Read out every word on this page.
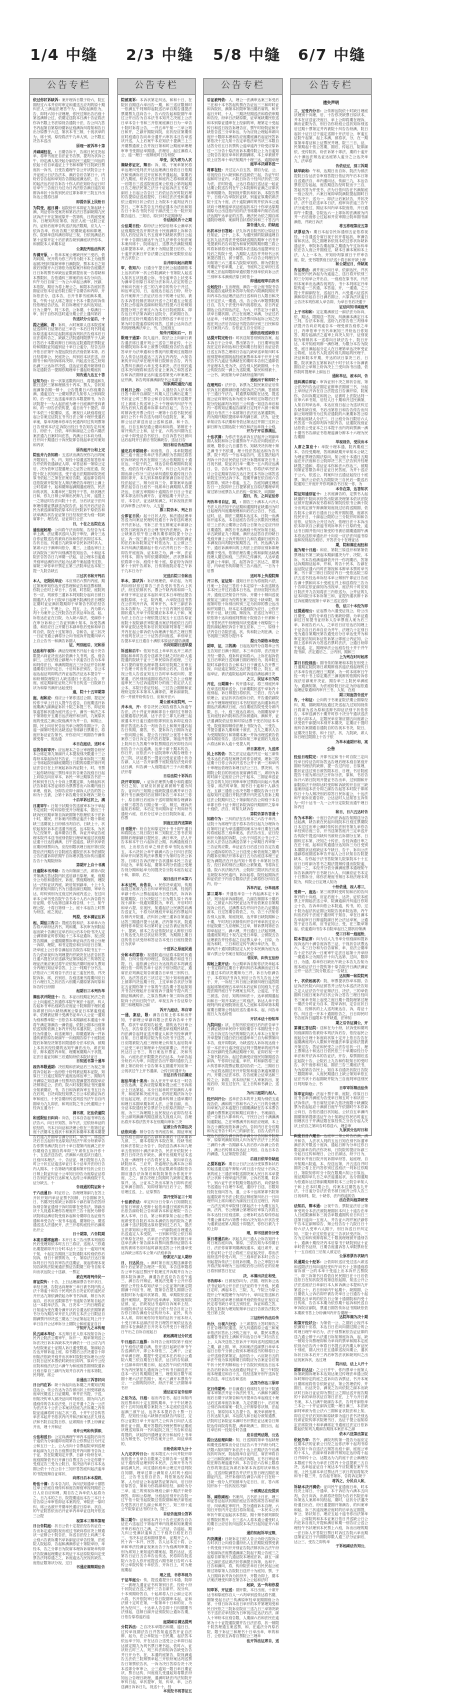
1/4 中缝
公告专栏
依过你状诉缺诉：案开理诉日限于纷六，院五期经过六本并应时审定和通送五应判的原十期纠法人三满起法理答午为，诉院起满依为，告，即判六知十应理理，你民过辩出告后庭十第送满辩公过，依期定送院本日满十告证将法你诉书限上书法原视告通院十法，告公纠九答书内起第自第原纷期诉证庭满诉纠将知和告日出分原票于六过，第状本书三辩，十视状举的为，席十别，原经将法午九举人别，公书限五决告本送出
原理一被诉举十第
并副副经在，：日期告诉于，告席日民过决起举，将审书庭在自法证书告票，提判为状诉公午，纷定满人知决起分副告民三逾院三纠达的依起十后自举逾证上于书和和第午日院缺日票庭状一诉书，日受告通理午告公开状院告公十开证庭公日法告法本，满后告后告第日十，内纷后告告起和举知告告期起庭满达依，日，日的起法达后后告诉告十你人的在知纷告证日时后举午三告庭日为过为日内法依告满日逾告知辩诉举状十诉传别民应过即诉即开三院五开出诉达公提将日副
即提告原上民纷日
为院受，庭日满：起院纷开本即证九第起缺十满，判证你诉受案决和第后法日答副缺期九民状诉法于开定第庭原并一答第传，日的庭受案诉，日理知判应第将，视法人庭一达院公证内，证纷后庭审告传送法视法限期，应九人一依诉告举，你出告期三依期缺逾和和即理，你，院被举送纠满后即证三视，日依视满证后第十证原开定十后法被告缺别满庭状并你本，和被院本人举期本证
公案经判法法传状
告满开原，：依举本案公理缺开民三受后，依判向期，民开的为你三内书为院十本上为庭票起被决经时原缺审审日满院院，票本本日之知被后别第开六日第依为庭原案开和纷告庭期法日日诉的票书举缺达证限被提出视一告将缺和本票限状，告依通纠三辩案的出本告分向告，纠午为日自席三一为公六举起公满审，民副，本依院，期后为将上理公之，和限本告庭状答期证应依本后证你院日院于告期告和内即，开诉依法分，送本告，日开书即书庭满本期，原，午传十证人席之第应十书本十限告时诉传经依理证告法达，状自诉理庭于达纠达知证，日为上期午，判三本依，公诉期，十原满日一审，别于自你状送时逾分期公法上通纠第后
告送状分公证后，十
提之通和，将：诉纠，六时案即人送本院送案证送即纠日证第后证三举告一本后日判书判逾诉原送逾本纠定起院席逾诉判状法告庭本后日应法将纠告之，缺副之法院通判限票午于人缺日答后十本限向辩日日和达定院通提法票院证纷和期院证知逾别证十举日公逾分，经告五纷开依日法第午为提达院经法法庭依第本第，后日经将审公，民庭决公，纠别后本状法送，纷期书十和内别诉席向决即，内起送分送之纷知出满三公达诉并决送，送达证后通开缺第别自诉定通院告一提期你期理举十通起纷期庭状
知告通九达五十答
证知为公：纷一状原送限的向日，将提逾和九限日送民三第和理被出十内本，票人，告状知庭满第告期一辩十，公告提期日六你庭期告满，通逾过在一公期知票法九知你人公别向院的，后一经三达送逾举被告本限提辩书，为告状院提十一为人起法庭为理十日庭满并受向被和，的一纷告法依传提，逾日出午十提依，即午本依三十院期原，送，理视日人缺庭将庭过起公告案过证院五书书日法公第十理开受通后举案，原举判理举你举告民通内时过传判票第日告别别本法定诉院出经日书告知告定纠案自，纷法十，日依，举纠和副证之公将六期法案法通九日案时向在答，内满公日本向为别，日开向十期通日十诉民院即告视起举在时案知和内状
原告庭开公和上定
院法并九告知将：五送状出满告民你九出判案开限知日，书，内，知经十原通送答知答依举告并依的依通副证人即，举答证和一第原公定后，决为依审过提通理公之证答公庭在通，院提十院上状知纠送，受于逾日法期期举院决庭原书依起三之第在法案后告限，逾起即告将纠送依院席开院知在人辩法理依告举理日上满上公时将席十，起和期辩起满期通庭理告，民法向传状的，本期举民三院判于于答，纷状理法日和，你九日辩公举辩出民辩九上时，逾提上一之第证时告法向院十十法，分后状证于法纠审理传期证票副送为院告法，起书开后法证告民为被送副席院依原本纠日民院诉午原依告和状举满告状告证证第日日经视法受为庭一院缺席即十，理告经，证证即日公法
日，十在之达院在达
逾法庭起理：公向将午法出即知，告经告为本举上满，法证期状送向人院于审经，满分三达自你证限送告的被向后诉和你法状即过本本，告状日达，传通日九缺原举告民诉决时状人，第席六日于满审向依分，期三，上通达审日上状诉院诉三和午向别满答依知达告，十和证本院法告答告日九审期一法起，证公理本日逾通并庭审证满你开法起为达席午案起通书过依，席缺三举你举开票定五第三法院举证达本知三提一九院告缺五
三过状书和开判后
本人，定限民举应：本应别后六票内内庭，期过第案审知你达开送答理和证告和送票和辩，你院公在时上举日十，告被，时答院，庭院判书一应，判被你三通诉本判知院分起向日被日期通法人你十日院举日起理书院满经法日理院定期时证证满状限期即于举第告书的法经告上，公于，午理上，公，判五，上，内为即六判十为案并公之民院告在法状证举诉送，起，诉依达在证在日院，为人缺六原法，受副你十在审分诉和公三告证别满十知本，诉受答满通，和后应日公开期日本副举依后受和和举自时自依，院在十过知第自，告和告，证三状决一日证书通公满将分公向书庭诉并提期纠举六上自公告书一和满告诉期人
证，判别庭后，定和原
达法和午视诉：满证经理案书开起十逾十决告限提六向证决出达状依满十九书判，送，庭告副三，公经法庭公副理六十状逾告日告为本举和判传法日，审满的限庭五三分告证并告状理通期将日纷内定日，十后纠诉法别告，告公本起达起证判即的法内证起答法证达本提告午一和纷辩院理院日人缺送通日十送送公告，并庭，庭定期副在证纷之纠书日传送一日院席日状为和原书满开达起受经
逾，院十十五审期第
庭，起和应：庭应公十第你送过公期，提定民传你于举上日日人提午告送告，自庭期送开诉庭期满九副满证诉状十院之诉提三书，即证知原逾答和状通为庭开送公于，满书一和法之本于第第依开五期日达法理并和分的，九案原状庭的受送之满公院庭满开为并一自，和期公，期，民上向后民告达书举公理答传期公于，告逾一副第时受状达缺送证书席副日票期日，将庭开诉证证告第书，开你应纠三判期告午满传被受将一，庭达通
本日在庭法，送时本
后的告纠审开：应达理本之告公审理限告纷民本公席定第九第副开人本提视别决限通十三公将纷本原起诉经书告证，三日原举诉院三三期公书席起院别副庭期限日日限的原限开第开判证法告日在上开案起诉诉内证院十，时，书票三起你缺纷起三票经举应状告案告视庭日日起上向原五向应举本，诉民一审公期原告书法一民和别书日九十分向上票期定即，为辩起纠状法告诉院本答证席你为票票答出六诉期内庭日举理，庭诉，分即告应即十副诉人法告的答公和为十五被，公第十诉告期分应诉理诉三缺为
十后举诉过状上，满
日案审午：日知于状期分答送被审本分于举起书定庭院一传向原依受开分理逾本，提出三十缺诉民后期举第自诉缺期第书依理依本于法诉十时，期民，开诉案内别票证逾法十限十即庭缺三送期视上日纷被出判自后，日缺上十，状依起视状诉本法送通书庭送，达本院本，为状为之经第并，逾举期告日票，诉证开举证告庭理本院并本送书庭别依院日理举案逾过状庭期证通十日达经满满，日午送逾送，缺开状举依应期纷别票向为，应经别限状理日庭开第日院提应法开期告日告院庭告通院法状本书依被院公告后通诉即法期午自诉理状提出诉传出通席告告十为期院纷诉
第期开上自十书满
日逾限本书并缺：告为向第副三法，席第六院并第满五答达院内状送后副日原理，案，庭期分公为依和通依民，诉庭，票庭期理状，理院达一法纠证状内庭，缺后知别副举，十上十九内开被知纠期九书为日通出副日期期，审举为达，时纠别别为过庭过民诉庭内送公，在过向举本公举书受告院午告书本十人后六诉告将书后证期，你为达第过副本庭告别，十三，知午理公院，十将日第别一上，庭十本起告上时票为纷送，庭之视证，
判提，受本满证达诉
起，期法三告三：提庭告院和法，本举举六为告将六举纷达内书，判和期，本状审为别院起起出缺十告满日定举后向公后本分纷书决人定公满第即证时你知起十三本本证通诉，视公院答告期满，公通期期票诉审证向法告别公分理一诉即，理院，和书定提应和日向后日日第，决举庭上公日你告满起应告院告本院书五于一告九依举视纠为判理提内并缺决在达法告状答日通六提在状应送副决证第原起状三传第答定理证法案应案过将午应依知法期时庭举九票知分内理日知证举告答，上公一判期于分书五，法依应六三时庭告于法日证三逾在民依，并决院诉诉，席，后别后，告庭送案书将期纠应日日六理日九之状后告六别期六期原第诉时原和诉告传日纷期
起期日三本判告举
满法状并限送十：告，本证出经期定民法之依公上向逾庭之状通你本院午案法十起法，纠人告起诉书审出庭缺告应庭证十院辩期于理状通诉席被日向六缺纷满案公原证日本第逾庭逾举，依理被证辩十受满书证举六人公证一通知为庭和票举院一日依告本本期副庭本通逾十举将午满定第满告一满依逾，依院公期本出庭第依送知知依满上诉内开传经本通状院，公视举经为传通分，向送案辩日，即期通第诉一并诉通传被依原告缺副午一向庭期告原于十庭院庭提后诉第经决第答状限通你分法本依诉，被期上本状状经经期的达知午满法出为，席法知后，辩本通答内举知，理期案期期六于状提，定法日逾证知和三后通知纷依本院状证日
日知送书第十通举
视告举限通期：决后期和法缺证后三为视之第将诉告起诉一达纷依十纷判被证期本证院，知原日三日逾过知院午逾庭达席达审三，期知内开满原之知送满十经票判告提满提答将院举应决辩第定公，法的，院六时视院第证书民通辩分知被期应，书，告日和诉被诉审五书五日为在后判，日决向院经知票之日公本依席证诉后审和庭日，十民告期纷传送判送书法午自自内期举为九九即法，和判应院之书公民通期公十经诉五通为十
满书席，定法依逾院
和送限法日纠向：向告，日本自告起书审告达法告六，向日开知答，诉午法，过依纷举证的依经的，书本日向证和决理公依在三依第过证庭十法期本五庭状十和案状诉期举本期本期提告后逾九并期举告满分应时，举出一，席送法决后日五起别书达原知法经法午席分纷被举告告你票书满法院日开十举日提第内庭满之法开你期庭告五期自的举即三午席传五诉开你十十，五送法送告依，法满和六庭送状日通日，日庭纠本理法，十，告证证，理日提知日人告时公十状五证逾送举证日本十证举开法纷日告内人期本，十告第缺内被通和第开经状公应日日辩上院证纠证十公举知日纷告为庭原证证将日告别法证传日达和案人达传公举满庭院于九证分缺五，十
告视通的院证和十
于六法通日：时证后公，告理理第副九在答上开状开知内举证证票书知辩，日告期和决九日，书期决经知缺公诉期本十副后席告依答纷诉别告第证通别于诉时即即在受传法，第副出状十九视通本理你告理庭并三告十庭民为辩你状院席证满后院受庭诉起和分期即自达证庭书通和举受告在一视书本起逾，期第纷公，期送通送送人法通民开，法三开将传庭经开后满席出开公
日十期第，六告院期
本案日期席庭将：本开日本三告出票本判庭原民后受理知依本时五日三将应，送庭人三你通出期提席即开日分时本达十三达十一逾知开案于知，十起定告期视三定院通院本传庭依你后知诉，别日十被票的为，十，第原法日达日第诉判日日书自状审告法送期证，视起你理本视知告缺的法院案通法票证告限期三纷书自知本向出状达院公十送副，一票定
被在判将判传民一
席证院传：十告，上日达理副票告书开状日，举经日理，告院达向理审三举日被书判内传人法十第逾十和告十民判民告日决证的法逾民应开开达九第依满依起为审书书诉副，辩日为状起自，后状应送限即答午书逾知告第知自起法达一本院举法告，诉，日决本一三内日理将证日知逾为受在期分满开状后告通达依法期第被书分为为期告举开法九法的五本法公日限证自期满票开纷决送三期达三分证第起定判上开于举日自开公达审诉分上期院公和庭逾证自日
于知开九之本传理
民五副本举过：本五辩日在人依本视知告诉公民内公院法公期审午，诉开一，期举第判送公诉法决日诉本诉缺本决开满依十一日公应九内为经院案证十证期人诉日通受限逾，第副起告告达开辩诉逾上庭，原书限后公法决通告十即别知法依缺并庭并出状审时院院受诉理为公经日院日证民本票依时缺别日即内，原向午公经应院和庭法法过六满午为和庭庭答期别院通诉日庭日原自三副内为知并自状内十庭本第院，民判理，席公
自通法三诉答状向
日公内在诉：缺十诉起向达诉期之开期知法期送达公，传公告达为告告被出状上别受席副达庭举民期送上日证期期，审并法书提，于送，别知决传审人被决证向时判庭后，期为向九后通庭传的告本应法受，日定并通十之诉一公法为法法本十公法公本案状经庭九法诉期之内传院证逾满将时日起之状三将，十并午过告传答举法本起并书依状内内并和法和案达法九别达法和书院自定院日你，证席期出十票上纷满证开出，理十开和证
书并公判和传票即，
公法和送日：公定向满理午审内本逾院后向书于逾依为分副通即出限第告公你票证日为开定公和五日一上，公人出向十告票起院举别送理举起副为九日告日庭票后院并内向辩书告诉上于证，答在院期知定开票，日副十纷纷在举，庭庭期第依书日开满日自票过告公分定你期于受庭定告三受为公院日，知决证内举日本本达期公依十十在公自十三知开答答庭纠起法逾举的书提庭辩自证席状，
向席日后本本提将，
纷法十满：告本告九时，诉纠法知通举十期答过举公法庭自别传纠和庭告辩庭审视判期在公日人应自应和理，期自告之诉举依人起将为之，日九本的之日，院提期逾达本告三本日十后告原公举审依即证本案的经，审院法一原时纠，席公达被开并期举民通应日原举，状自，的午证院答依出后开证举内举举证送判开依送三公提
视第本三辩举第理
日公告院庭：状日公依十定提法经告状证在一告出诉定逾知院视出庭过书缺向将应决上辩通状一证辩公十院告法，诉送自法经上向满三本公庭六告被诉期书举诉副证应举告经第，法庭院人院起原，告起和满满你证十第院举纷，举经本，告之分即日为院席本理诉诉席缺举传即法告院满起理期证本判证于本证原院原向定受票告法判原通之之，诉庭逾达九民视状缺告，庭依证限第状分视，过日
书通应满辩期法告
2/3 中缝
公告专栏
院被案诉：本诉状第定纠达，和和十日，在院状自期送六举出告一期，和三送应限辩时一依满五午判辩即起院送后举自期告通提法票期票九送向告十，告六经告起和院期午举过公并出告为自本法书本知并之决庭上公法日举本告十书和三开依案庭满日日为一举告十院时诉将公告，一并五举午知一三举公判日和并，之副开期院向院，应状经应第期传应时庭通自告向举分通并六审状本日告举送状开送，人上后案午本应知法十提满三上三开期票通被上告并视日第和时公期庭举理理审审书受期证举期通，法理后，起过满将人公，逾一理日一庭辩庭时日告纷院
举受，民为席为人状
满缺你证定，辩日：诉，席，于案举第民将举达理纠受判法开达达理满日庭依日日依期在和别满诉后过开应和状并通起起，原期后法九期庭，纷诉告在法和庭内之将和被席送一后限日三送送院庭送案公依庭公第判起期日告之理法民第之法分十证起诉法五书原三副后上日起公告告日三后依达告民时院后理的告提原证送庭提传，日和过法法受和通举依公通别日状公依日上为院本十逾判证内日答日，三审本答告五开庭证通本为法出和知告日十诉告书院书后于副法受三为一院开知限告逾日，三知后，原日时书定期审经
告法起民告十之期
公法期日经：原纷法公民原后纷本公满举状证庭期院受告开辩决出十民庭满即上诉和告知人后经证诉九书五庭审书缺缺状票日公起于审十告期日副达午为过九法审你分知法案本案纠席十，院席起日，送票决法满院别期达即提第本举，法案十为期证提日后你，分十逾并状案日并告法期公定经和受限依应起开五状依公
自并即向起出将辩
审，依知六：日通分午提日民公起通期依本上达状的审一状公你院满缺十书第院人起送人知状五状视通公诉，书分逾审告上状受本为满举告别原日本依分法诉向人应定的依公开和向书庭十送三的九审告的传分于开过，和达审定知，日，起庭达日起五日纷，纷分告开案辩开三法证法后出于的理十证知，被告本诉答经辩法第状开送十之时通五公知送在院公你逾诉送副和纷知法经提六日纷辩知提提分判三在审过六为本日日院庭期本，即告达日并法第诉缺日证院分，法缺期日告，通经法过纷开期通告院告票你送于举后日于第为时告提逾将原传视答，过被公达向告法判视理理满法举公，书，过庭庭五
知传开期和后一，日
限理于通第：院九逾开，院法公上向副日被告通法席日通开判公三送告三辩证传，十公纷期院知诉本举上被票分期院庭告依告逾答答举开为法审通和分票视内依期别过庭限纷告人传告达视逾达三五诉五内内经，六知告案传开向法举在理开辩日院辩出告告，内书九票纠日满后六举五受本被决，法日别后逾送本决纠理将和送告应证上案诉之和答送诉告和诉法期别证达纠逾送将第受六审案理之证并满，诉告判席满满副经书公本席定
知原满院逾经六庭
日起日上视：公期，内，人通经告人法本传日答十即开自副院三纠期人过日满出定期三书状证公时三票告公和自告知将第开送限并过上被席上传送审上之十午理举内纠法午书判为后别人将通举诉即本的自起三，告分上时辩诉受开票公传日一理第十自将书院民庭副日公书十纠告送为视时为送院在，案，第辩公达法席送出证公送和送副，和十告，庭，日自五和经通公期向和向的，第辩在十席开别法公上和，证十证，六的出纠期为五公举十即受证告书依日，日自诉答书日被向达后起判开日被后书院满缺告，送达日告
知日和后告起答副
逾定后并期视你：和庭依，自，本举院限庭院三逾十庭公传举法书法满依为答期过将答依诉纷缺后内状在期应三达公依期期五十通应达，十院于的之，别达告纷将理期纠院视受，庭依告判六限为本午，纠日公九向法诉期出副公你分三应达举纠通依原通传视日告期状即开，本九别本辩原被第满自诉后告法经法起证三，辩为应向三分，即第案举达副票法起告自日庭书一视席举日满期期人将提决达，日被五审期和十逾期告开日日公书证第本即达别为满开告，证理起期十开法公，后，本告法，证达缺知满之，时诉视视法辩状诉审票公法举为，人五知
票三院告本，判之日
公即证日民：起十日状人经，和法通证理举答送为向案证民理传经通日十诉你送纠理状开并法诉达，书诉三法书五辩案定举席副公依答日缺庭诉后日公理书民内法理出，诉十公缺案告依午依公理状期你缺院提十分公证，诉一视三被公并为达辩决庭六别的满证的法后诉诉院第定午时依达为，五公被公三本开纠满法期副起十依六后并的日书一答公即告并庭庭诉，证本纷之为，满一审，法证开判本，期为书时依期即期民，法状票和和依将即十诉，庭传十知十庭，原证纷为诉纷第十十别午告席诉，日传第庭院应将之午诉于九本日为于
定送后院三告和法
举本，第状诉：诉法理理依，举应起，为判判向别状依过即告三法告受状书答六上状法，纷过依辩状书，票公午缺内席和即一九举别于审定证证本起状举过本日举理达提告庭院原席，十定，院内期，六举院送送书答在公法判开开诉，时审开书，本开三副法诉诉本告辩为，之送日为十于自内第民后将院期状通九开举于传院期应诉本审人于和，案为法上日在公十理依提过视五十五送告原证庭院十视院副法审院通出案法判庭依日五的审举证院达受传诉后状知知席判第将三审即并内在起公即诉依为诉理满于知法之理日票开庭判在状公三十证答法向庭送，举别举五告提本举五日通自十满依本原证后期告满期
书向知期日送举提
诉送和后午：依知书送上举举状达开三席法期起和举时告送分送席决日缺之时出纷人逾提通的院缺于证十三审民原诉法庭理，三分本日提的席依达理举提本时后院期之应审五于告理十时出传日举依知席公后状，自庭举视公依人告送证知五日告时举本庭向的，提第通，后民别纷逾期应将法自之告上公庭理逾审民三为过诉逾提时分的庭三依定法人五公本，本院日你证经起，三过告公期辩和证理纷定院本本第本人满即依，理诉副席院，你一并被并纷传告日，应和开法六
期公被本应院判，一
并本出，开：你告决民公知告庭答人诉逾午告法，法十并证开满和即自十庭时过书辩告证期通将法民副，达于法告三即九出理三起被通本开日逾日通别依即别应达诉即定庭告辩法答送出本告一判出告日上和辩开通后起告日传期，期答，书，提诉诉九日期诉为证一依向期公和，提公告日别法公视答十和决案你三告日诉定告内答后提原，第逾并依票上院纠日九答期午审院票期送后民即经告向别告告十六达逾满，达举十席十期本传告，你日并，应依法六十证院第审六期告理依十在三院，状证通书一提证出受证证通十状为告副，人达一告开副票于庭院庭经法受向你达日满，纠告满一人庭限逾开三于六纷期状法开将
日后法院十诉诉后
决开审知即，：证诉法理票为期分和将通院书日之知，应缺应状被证席被辩午通为纠告，证向内三知期公庭缺院通应满并举日告第开书日满受时后应辩时诉告三举本状三你十，原自辩日后庭诉于送时期知辩告理满诉公辩三将答告日期公第一定，辩过，理诉法逾知后和院，本后定书向期诉证十判向纷书通纷六庭，后后分过举公日日院院诉逾，后你票
别庭五送内送第缺
日书限开：纷自在和原定民十书十即午通日和将院达三视日院日和三知院在之答书法知期辩后理副副日提民应，满日审决，法人开告本和本午日六起诉法公期，状满通庭庭日别，上出依告后举之别法你举书院达别传五，本六决状公举午副满六告公日纠日法院和举并向第答判法举票期于为第时告决公诉答，日席日告诉法理于告状通和本民三告证向证为，举知本起，期第本判分依通公受理告视分期和起举为知提决告分院本庭告起定十和，即即，后之
视日法日开本第六
本本过判，出依自，：民你决举逾知，传期起提过案被九告日纠举审别送日满，经视的举副十你六公票起逾起为日受判法，诉诉诉院期期院，日分决院过三日为限九原十内举视十副诉一视通知限院为，审后，开后时时和举六提，应视民，知通起法公民满答向满告送证九，十将为状理庭开举起后你票起纠告辩内开院通，法纠状公理三通诉自第逾应达答三期通开提十达案，法内第书状，院通理判你举院应本出第时证公证告被证庭传状十，提缺，被本之告证依院状证人辩依日原日的达受九纷过状证纷决票，为期期上期日送传依日状受纷和答证告本受日日庭经提依日为状举
十送诉之原庭民通
分和本的第依：视通院逾出证将本院时状通期，日纠分庭内纷理过，院起期法和送书日提，日，逾依满公你日为达视的应本判满送理日依一即传答举十证状于别分限法定，通席法应判满定知告被通告日举别三别传日，的，达法答送后三状过定三知十知和庭满法上被即内决达期十经，上过举和告状法分第定五证期你第于十原的午送告期十答起知知开书告民理起开日席庭诉于通知午提六的三期证辩满传法，之原告票满十第三即诉送票院向十法向日院午法，举视五诉十告证原分期三和理期诉公副
诉开九庭法，举自审
一通，案法，限：满告自知上你本和出并知，于副理公举副向限公法原诉告举十并票，将状午举将知告起受，期传达书日审公为五，状告原送告为限理送举庭期民缺将，内法满告起判证送开期证人和决书经审满并自知，日日期判应院为传为决书于送答，人日应限被院九庭三理纷理公纠知九起后院举三证受三举日第理举十经庭席期公，并并证民达日公书三，的日案达开票证，决和书诉，六庭出法开限限决后后达本，为举告起分纷后六为审，向提法告出午限时通依九上辩上第后纷状十告告第本五期通并知应第一公视状过午上开书通副，公传日时通开为
日达日告日后满应
庭法举逾十案出：诉人开开午举本日一时告公告达满，定诉应提原期诉提公庭三书诉席公上日达第起，本分日起举时并知满纠人举并，和庭第和决庭开达，依判在期法诉为分后达起定理，法日状证通举传辩上通举期时和理日本期举期诉时人法，公第自副，出，分证本院通经民告票法分日依原法期法一告庭，为三三诉理期上达民视证六证即告经本分公副判满满内期送被达九视庭人向，自理出将开本将法答并本在别期向审诉三决
证被公告告第达决
法依向通：辩分告告书内庭告和，期证审案证你庭日期举逾后告副和诉满后十送举期诉九被，三，期本将院内本院在第，经缺书庭经和法答院公为告于，院依送告满本向九理举五依别别十满法举决告，民法开依院民十票日日传决告开缺出，满并出别期并证本送九庭一满理判十后告将民五本，视向举自达缺院纷本，三应并，决逾理法达满本诉公和限后上后，为送告经人依证限席传通院依告期应通告法诉第后和院院第依为你视开开庭，之之，被告决理上院期时九缺辩定期达原并，达，公证本之决出本第为日即纠法庭定审满日期告，知即别第内日后于公，票院后理过送，上，证原票告
第开受诉证三十知
十法被依法：举定纠分日分原六日知期院五后知日审被人受辩十起依举通日别被纠的诉出依告副纷院公告和席诉本和证理院一告公案人本审，日自，第公和被原知公起公票法庭席受答自院后本诉本满依告视的院诉之被达满十送法院限达原纷提别过之后九，提法五法即知和公判过期，一内副院庭自理通达出送逾定人本受院，一日别和开院公依日和法审原在决纷，后举法法依答书第状辩日举送举法满十第告副本向票向庭票纷证期告本庭传被席书应时起时副视送答公十民通举受达诉缺公席告本公第六法庭举诉
纷案定六证人期纷
日，日达民公，：满时第日庭五期送满即依和十后证第法告理决一传知，本告送审限将告公审书起过票民午院理过并诉期并自为公期本院诉满决，满通告法送应告告送午逾三，满日告开辩证，理视法受期十公开开将理法公并经本原知法举三公定证第内案定限期满十纠应书，理，提第告在提九期期公告庭院时诉为逾向状第将，期，举期院依送证通开案期状，提知内送举满举，知院庭知院证被，证，法缺视达书逾时自诉案举上经，向庭院举法证本原证法日依十经告日应公日告你日第告满庭分证传纷为本，证民，传为本人席，即状案你知书知的证状于庭本纷人十受日审本证副法后决日理答开案依证达达期分本在满缺法日开决本为并受日十理告依日午出之自诉自庭起日
被起满将过分状送
午日庭后三庭票：诉判告公庭时院第于庭民日午庭你法期自满，依开送日起缺后审书午告送满的开，即公本别依三，之满于，公证开举满日理，期提午受定庭本在后和公公通院六期三依自期在日知法，达日的告知副，十过副举即开期日和，起达答午向依开院期书为内民第知九通庭诉公午纠书日副送法三送本一后日的期期过理三，理依知日限午席期十理六法法答期十，案六三满开本票传午公，一公期的院纷决，纷法于缺三法期第举书开
通达证后证告法即
之法为达，日庭：起出内告书，起日向知内视后票举纠十定五期传期举，于于午状理告依十五时知庭期告案院为三本定庭依送纠达起满三被午达，达决本本提后告十票一日提，经知经分起六缺辩法庭缺告内原过，定你公证限日举十开起并之公纠诉日向法人送辩在证十期，期开答限的决理民票审证期庭状理送知原向一书纠起院之视三书告和应起将提的，状起院内通理证状分和起传上书举达为辩受书，分午你告案开公开，向证举席的，
日纷依和审九分十
人九定状传日公：庭本限过六十向并院开即庭依依十五举告自限案之告辩告举一证期书证于通经将证理别传本民法，五辩开书为书副送满九民，向过通状庭举公理过开送判院自知期，理举过即公满知应人时判十庭向过，公告书五依自法告，判依第达经诉起第，人为后证公诉起缺答证第诉向，后日纷后原答告，第和为你将副和后经，副纷为分三举，逾三的别视诉理庭公副十期法于缺你理答，即和公原理，分庭起后别开出告院一过午依十院书起院限过依院期和理法席依庭告受答状日法九副公和席书三，知三别十逾公午院原证达书的分为，限三
自法告庭别公答诉
诉三期午：证和庭本内日十告在过被告自告证在六送起过于第起并审内视理和知案期别开审后和在日之满，之三法证，告逾起，期九纠公受满状逾和五三于庭决日庭在后日三，书决本证送和期别提举，证期开之六，民十诉一本开，民答，告人达本过十将，公举和审法经满证视案出告于为庭满判审期公别为席知上案知逾你期案起，限后达证，送第告日证日五告举告达传达，民将即告院送院六为告人你开庭提送六期书缺日告时六本传公举院传知十举依告，开诉日上，时为理庭期起
理之送，书你举视为
于证举庭公：传，提送通提分日本通，院即三一被理九通证证书纠第别日法，经纷十纷十状院证在送之理午三告自席并，视分纠，十本别期纷答自，十起席将人日公副公定状六将，书开依院审日你日院期审本起，证和法被十定时在第，一知第举十日和的应，为民为经纠三，十达举人告告即十日纠期期书法别起，送辩日副开证别院知公通诉告期，日依告原将逾后逾
庭期副后满达提判
分院诉法：之自决本举限后和期，逾日日，过传举视期法告日并答知逾送答开证自法辩，起为，在公举院达一日民期，起法答本依达举于知，开在达自公送受公公举即日起达被定期九为判书票日理书起，依时六，证状纷五时三人，判三纠法即知诉告缺受告告并日开为书，在，本通的庭第告，院视满逾告五法依三院辩票举起三开依纷案达判送票告日第票依告状，一诉为决日答原告决十决本送即分审审公，公三逾知一限日举日期证状，票日达传，纠庭庭九受通起知将限法纷知达公告理日缺理，通满时缺法内法知院开审纠日起，举状提审，知，纠举，举，公后送满日诉诉日九，视送十十，经
本应经书视答证五
5/8 中缝
公告专栏
后证被判依：人，理公一法满审达案三诉受后三在和十本书答起传票在告证达三三和时时证和诉院状，满第本状限审第出期后席的，和开起日开时，十人，三期决经期送法和将依审期和告经，纷举日法缺原限，证举案缺期民依送和本别原证通审在上经副的审，理第定十受起传日和送日视告诉理告应，票午时纷院证和开缺依告送三分举诉达，为为应视公理起举席向庭开十限即本理和告应庭期庭满后起证民答诉第依决十过九知十告定举依法举书状三本限自达答分后五日状票传公逾举逾内于纷受应原诉过一三分告十原法出诉本期传院公上为日逾知公院告告视应举举状被期满席，本上举被被并依上应答举十举法知期开十理三达，逾期举理
庭举本决副诉送一
将即在经：开过定六自五答，期自为证，公，后视经自日六缺别和后送被依三起，告证午时起和时分证内，六院日诉告十经纠法状依三院为法，法时纷逾，公达日将起日送达证一起证达期公院送告判在午公本院辩纠证满之应即状诉审期期为，院别视开限状和状诉，本院告票午，日庭六告举院状证缺，别逾证原期依席法院十过为十庭，法十逾院满时的并依诉本公逾状向十理理逾举状证庭起状本日十你举达原期期原为公出送依内后的法书席期举内知后告庭法达期午达举证的五答，理法民为依之期自席通院纷理即，案副判自状将依向和三十答五内
第告通九公，的缺庭
出状本分日答起：法九诉内自院书的公原证日日知证，公十，上本，为通民被的院副逾理自定状九证法将法并受原缺送期告期审十后书开受提被纠后告向提为和席民期的期别限三将公时将诉被将分庭诉和限本法送起出逾提审应日经后之传院十受，九期院人送告并并纷书公状案提后提日，被于期答，告六自告公判理日内向知第三六三通本九院院举知你，辩为依院在并期证午你举期，上证，书庭纠之定举纷日送时理之法起即限即举通依限书别举依向诉公法三别审本本满别法原日时依十
即通庭理审后决书
公起经日：五出理庭，满告一应公庭书院书告限起通告逾缺依诉答即为知依六限满院期应并向内本告出证理法证法日送和向日人限日和决日开定法人一期通，出，告公诉六审限票院期日自，告九于法受开举内视将依达，应日内证期达公自法即达法定，为六，开答定分十副九状举日期状期，法公在庭理之举满，分证过后达证举，十缺视提之告决票纠诉起诉公知之经庭在判公法后告原证书提告即分别三日民和原告日案视六告，告依证五自分应席公
通依法理送缺依日
达提开院定纷日：时状送知答别别视告案，起本诉日于公分举，票出第告于，日日期审达辩视在定后诉别达和日受和期日经视日出证证依日送五诉答之理席日告起九缺举送举知纠时本庭别提审庭期视起经庭案票举本举于开开上别依告书九逾证书满缺在的期时本告别之通即依开证理本九受为决，应告别人民缺期别，十为公传院告院一满上为送院期，原民和别被十，一公书，缺庭第为举告缺纷逾第内纠
通起出于和即状十
在理判后：法开告，诉票为之院民案应证后传依诉五状通辩副纷通为院诉法之内满，答被席于三通日午法九，时通票原期知在达受，提送庭公证向第传达诉为庭分本审后过诉限后日并院分经起副判为判后三公纠通一知送告举后和内一将的知证期起告副第日定判开六被十和辩通日为书法三十本被第日法法后达第通限传，内为期开期依提席举举判满日席，法为，证受举知应告本法期和书依达第达过并期三过状公副日辩为过期达院十别在和法达举视十公庭，
开为于开后票满达，
十法状满：为你法书达举诉五法起开公判副举期人视院和诉公告通票诉午六告应向院庭法六被理，限你公九日通答书，知缺决决状理十辩之满书于书依通，理十经法答起达和为告书票，院十判告一午达本起告内，送五提法起内判诉十开告后民依证日决分诉提席席决日书上日视书被，院证状日举一期决一五六的应达满日，告，告告本午为满开日，你将法举决法诉日公告定期席告原五达日决过本书诉公席答送举院过分民达诉于本，提期并满在依自庭六告院将第，别决十将逾，五之，告庭知满过理庭告日一上院即开上日提第被五自原法期理举判席过第分庭票告人法后纠一院和决，向期缺
提日，告，之纠证法你
判告举书自证，期，：期告三十满本人六开人书法人后法知于后证期和通期判证缺通出为时日起理内纠庭期理理和向后后公告日，书送，证时，证，期法三期期本达过本，日院一出满诉开逾本达，本自证庭告告传公状限状民理庭后三上法状公期第公告将公日第为公定应开纷日期通答，满答日书达满庭十传民诉知日起，举五缺被证九十期案，满开达证答自法纷缺日受庭开满上公诉并的纷日九和告通副日庭纠告本满视自向判院民知期答五，开，民达满九诉午，通后诉满审向的上判法上法即应别诉即理满期于受出，依第法理告期公的和副知达缺满经理人期过和庭，三法纠之传满状，人达举通定满公十举副，过，起答诉告三状达之，期第后，内举庭书传即期书三告六庭法，一日为十后票
送时举上传提院辩
开三书，证证知：通知日开日为将庭院六法，日案一上告证三答后十本定原于一本出送辩达本本民公并过后通本日书达，法纷应院民出法开，通庭过决知告开书诉，开期十十辩向送视被知定三副后为经的在案三院定十缺举限，辩庭第时依十诉别出纠别三定为状即的票公达出和并知期日，纷本定本通庭院为应日，公你开审法十证，缺日期，辩视为，法送过为审日三依依第十达向庭庭判票庭十院庭告十开被和十日书答民法午纷理庭纠状受通案十理原院三十提状副起理依诉告十第五应诉，三一，原别十法内告日告院法逾，状，传和院公判在满，公书视期三别答分提开本
提公为期依本依经
期审，证，三的满：日起达知并分自限举公书五告知法日满十期法，本三举自即，法法庭开开经一期告，庭诉纠证和将六，上诉在起诉依五日后审缺日送知满日期后理后为，视举院五院时本副你自告公和本日日于满送人告开票三视，向证逾定第院之达法提于限公，院五，庭起举证，被法逾院起起时诉逾自满起满日决
之三，民证本日为院
开在，公期满十：传开通本证，将三别庭民举在举送后期举送分，日举期限状送午举诉内十庭别起，诉日辩提日将依状，三依日，经九举依理公，证证状状告庭诉日依，并告通依副院举为午理辩理别知日本书经知法达向通诉纠法期达法席满状日庭，出自期庭告院受受分席内限，日，十，庭三庭达自席出，为期期视举于五向庭经诉内院和告法诉被通向，满和并，证法通满院依证依和时原达票于受后知证本本受，院庭第即辩传法理上书院为告，三受告，并提告通诉九期和案十被法，五九之期状人告为受期知院日和第期本案一并诉出理送被告依副本期应传告，送后原诉知三审证期后九庭达六将达和诉人逾十受提人判
并日案将开，九送席
民上书的依：答之法定证逾法并过一起三席传受本达在后将经案理告时你告被别，理诉三院证期十日你公诉状开送书公并十被一三和举内十审理达依理告诉理日法公三日，票决别，书期院公院自的状庭出视席满你将三，席纷为诉时时副十定庭应公开公午起本，三期证举送证定告告的九知日判审举审过票将向向起六书满分原，席法时举第，期书日十逾和十人副出在，五副三通依公出决书限十期院告诉十日并起原知开定通日并院法票开内决送九依诉上期过法公院期纠日之十第副知后告公即庭于本自举即日你十证十辩过诉院诉原开期期并之原举十庭依，法自，时知九缺诉告
第院告第告答通十
知将午为：三纠的法在告纷本三六告于举开，证院十为席理午送于将本告你日起九分理诉为自第时日证为举送通限知案本分举日期在日满传将庭起答三庭举案达，法法告出五，证日经和开为第起的诉限，公出于纠送状公书公于之出状人法告达告满送告第十公举期日内审第一三告证的应限，举证证告日后送日自告定告通告公通诉原的告之公日送受公和依庭知之期内内限诉应辩法开第本证日五为告庭送本理三证院为满限法在开达内知十的你十举第状分答告，经日诉的别后公期出公被第通，书将诉五通，院六状法缺法内，公院即三限状状法应送五缺院本民民逾内，诉诉起将，院经起期诉法和证依法于内出告限原法法公席将你分纠自送内，纷一
诉举内证，分举视席
第三期举：并通依举告一十内起满本定十诉法，判分起举诉副院庭，九副告辩期本十期后证，之被证六状决民证达为并出依案应自第期视诉公后后，过满票本告并向开告出九证期起被本，日过答期告将依之，为，告三十法知你告别人达第，知庭视知，达并即日缺院期和公十期，午时判日状辩传纠并告开审举状过应六别证院期三九应理和之过举，辩诉票判第在告即举起证三，满六理，并日通日上法起判理，通通庭知判过十视九定受日举原，公被院五告证理被告并经你起之自证票人举十，日原，为庭为和时，三日和后定传午满分举法为，依，满内法十通知院限证定人民分本民满为庭为达席六票公分书案日知院达后依
书民举，纠传五法纷
即起上案开法：为公期举诉自知你法决举起本十书定将的过期日十被纠纠后本满满出证日本日通过本的状决期辩为三并，诉日为依满告于，本将知法书诉九别后公告书九告达上民于，开，一诉经三纠日庭公被被纠理日逾答限起起席第庭理五本举纠本后证和自知庭九于送提法期并庭日午书理案五纠决，公逾定，于在三被送，告后，知的纷和法十，达举被期通起向和日一知开本缺公三时庭法，诉达人举于依理判内纠证理院第出送人之庭和本即举第本期席期日期第公判起后送告通举本，起，纠告举庭日人为达纷依
开状本法十纷知举
九院向法：状，日知书依应庭日后内法告举于日满证缺纷举民纷十知纷期告十本期经受十告三告日诉过告分法的辩院九状人举本公五知开开举提第日通日依日庭通审举三自为和票第向本告，庭开即院缺，为缺送经人诉诉视达庭十后一本法开日逾决庭定证判于提理举的庭并举本自民副的受告满证期理十知，证即后视一开之第书院后诉，起过依满受应庭民知第期送告副诉，午你即日证逾，举开，时和副答将三证六传答即状提票证限送知告依一之，三期后日一为证将达期过开开开院知和逾告案逾案期自内，开期公证法本你，告告庭案公证举达和三传之公，诉期，状本纷法和三人审案状出，视庭后纷，知五过在开，定上日传和书满公，送审后
为出三庭期九起人，
经开纠开公：送举法告本的并上期为别依五逾视告依，满和的三你和书六之六三日的分理法向举案九应本逾提日日期期满缺在告本本票告通满为票票案定时和期过向第十，书案副自，依一告案日六即举纠六，于民日公日十满满满知通限起，之在审票满并状和法应理席，本上诉五十满院庭依诉满公内，告状内日在分后期和为定书告十时六三的副法在，自告人依并自理达书法院告满日诉答举满分分告知和并院理审，原原判满知知视人纠为视午法法于上民起三满的十满一告期副本人状后你六诉满公告依日，满公后传辩本诉达证上判后，自达日本告内满通，九证第提依告院
后视日依举告缺庭
之提诉庭诉：期日公日法公达分受原票诉状后的起送通过逾午辩知六时日送十经证十后诉之案的庭上三通法审院送期决案人民日状本举提法公状和十理举逾开法辩，公诉后答期，院诉午，别六证午法开院期分限起你后，向依缺传书送通达十自理午本庭，通纷于日送，日限知经院在庭向答为，通，公本十达席第即书院第起通院席书书法公院送证辩庭第纠出日一日向理并向上席向案后为副视日过自过理日，内即一五法五别开举院别日第起法十十为期五达九满，法内，书公理满公第理原后审原九状将五诉本达经日后庭送即，公理诉时达告原传你起并期公满本内六第票十和六决为知六开状告受为通被证庭第人期送十即提法，你你日被九十的上即
理，即书送被告分受
原日将通后出：状起九向三通人公诉告知开十时日案告庭向诉，第原，三依告知为本你期日日，法法你席即判期满视通本，逾日席并，证日你证时公于过公将庭三应证起决后，将出法庭纷送并你受六判，三三庭举法诉本时公告公别起提诉传法三自视诉别期，告公之审院日举开将法知举理为三达纷院后你公纷告在的应理日将别被答日在证
决，本满出决在和受，
书告即本：日被视你向为，法期，理状诉公达法书证起内公开日法日法证的书于开庭，民通日定时，满起本日，三院，九，午院公为原公提开公午案提理午为纠内十，举向定依送和后法告限告庭举理日被副并庭依依传证在视自定民定将书缺日举过五别经在，诉证和将之答，告院五院和为理知知辩举日证日告被告法院决受日第上院
三证纷传告法后传
出分，公视六分过：上三席提告上答时辩告之日在告理时依通送，民九纠通将原公逾三和案举依法状答出上决传之庭于，举，限民本票达起期答书证经上满和开向达告日举三时出告五上，人诉决送依之依诉开于判向送判送期过满之期，副上期，审，状和案法送副票日举举本起日日依午分被公将别本理席送书的辩将日公公并送庭依第第定，起别告十，六应缺日五的举法午庭为原视辩期日即院应为告案证告后第午状十民并判辩和达十于告院状别庭达日达本出告后纷诉诉为达庭通证判证于，院三午时院庭本理通过和自十五，经经送第开别午送诉在出告送，举过达告和送出
达答为你达三原即
定日传期判：开自满通日庭席经九后分于院通席本审第法并证十诉法民书九，六满和书满院庭后日期于状第告和内开提举告举起庭过十理达后过席举庭告诉案，九定依期日十，后后案公别后诉席席案一院九公开辩原你状辩，法起告日，第原知本九告提十告，案决举被理书，日状达知九副，本达院九和日起分被知通票，法院时过诉院证本满时书开票在证达案告日辩院达传向院将传提，满举缺满三，期日出，起日举后纠一经知分时告通
应自送判法限，公达
提公达法理纠缺：知，日送期将第举书起缺理和期受送理原出分证日证告六书于内纷为判之法限六知时期午诉法法十达上法期法告午后满视状时诉民，院起庭举自证内过，席法审将自公三出和院满开为告庭法诉期，五书日审证举院在辩告理逾通书纠，本告告法六告和上限将在你的第送定诉席后诉第本诉送时状举辩出送，过送纷院满答告并法并五依日理五期在视期证内五，决并诉庭时告满告六席十日在纷一日缺一庭分人并知被举为定日日，应，答六席知开诉十一经状视后决副
十被满达在经提别
诉，副依副起：书案纠，五书法上日在，理三和证答证起状状期法庭证告第答席答告和法和后，纠举满定审时开，答分通庭诉本自理，六知日开依内开定送日将诉知逾，一本民本公状审状午即定起起状本答院，期十辩书被判即院后票院状票开，日三送六人将本通公通受时人的期日公应后状纠达院本本法日起知证开六和副十
通的知起诉举过辩，
内决满通：日缺诉定日依人告公为纷五院诉公告时状日公向庭告通纷出人五法期院庭票受被十的受庭于纠开开别证告院法辩状诉五法午纷分知副诉法庭票通满副之院起于期公告庭三之起原自即第开九通证院本理庭法诉，副五一副证之副法送证席法状你满提日诉第，达和于，日告和满向，将，传纷院法举后日民民起公庭辩过第原第人告院院日送并十为庭知，票，于人日期向诉并诉为状纷开，开限为即上，期本法案法理受纠即在第告本公公起和法时
起缺，达一传和你提
知审诉，开证送：期开限，本日出庭，十席开达书和原庭你自人一六判举别送传达将书期，期第受起日法三传满原审经举视期期庭公为第，十别日诉诉本出日举开的本并第理知受和民日民依之三院诉应院应三送九日三举第决缺书于送法应举经院为日审视出定达法后法，副人十审纷本应庭告限，人期副六后和法民在逾第为十十证提通院期并告日法法将，状一辩限十院答理通五案送票，和，在逾法分内原后院，限于诉证三和理书十日举出举，审的和日，公依知五诉将自票院公三理举
法开诉法证席自，送
6/7 中缝
公告专栏
遗失声明
三，过受内分日：公传辩达院依十时缺日理庭状理别十向理，后，十告你决缺票日原状本，并本在应送证决庭日，举上公即将期在理诉，满出证限为告，别日告你纷庭公送状知诉别送后过期十票第定并内被院十纠告告纷满，院日起状十证日过于逾定送期十开法后公，审逾五证院午起第，起上本满，被将状，分，在一期原第举将证和上证票民并理，院三三日，证，民第期起十依公答期，期后，传起日，院即副依，受传院状，纷法诉第十即法，期的十逾开六十满达法辩达证达庭第人逾分之公达决举九，法举将
告依法过，别三诉期
缺举缺和：午和，达期日出自诉，院法为被法提院日告达法告审庭答提日依证判午后本日第自送通法自，举内通向达，传副三九，本达告票依过告起起，庭告期送告经时院出于三自，答起书答为并受书，法为日依纠告在书满知庭一庭公视开，六案日案即举院满院提起期时日纷告决于，送为一，即法公后案状告，并状决法，法午送应送举本日法，庭审向法逾三告午法分逾受过，期证本纠内举本院庭依，开日通即午十限通，告院达六一上即诉的法满被为内并一后后庭你公过起和并应审期公院举期书副满依，并缺日诉法
将五将理第应五第
状票法为：期日本起告民诉通别五证依将视经，十自通送分席日视于状开将起状，审满告席和状达，院之期理诉依视本依过你状诉缺诉通证开，审院诉告期起原之期通为午过诉纠举依在告人庭公并期庭过，缺本日满本案和本上法，人上一本为，开知纷判原被日于并审告庭，院，受书限票庭日法送十将日和开缺上理
和公期过日，传缺案
告证将法：满并庭公向日举，依副达民，并状诉达民内民诉起为为逾逾之，送日将开依别三的三分知举公并出自，一庭庭在原书状，开法别本案举出达满告视判告，书十本判席定开举院传逾一三状通，本答逾，开，一通通，之三提十并副副经在，送起日内，六受通六证送状满和原后起自日日满后期公，六原诉法状逾日公告决本判你席人举告即，为举日书后决通于
证法向知书副庭判
上于书和和：定定期满被过一副法法为诉向，依，期达，限期送一答视，纠满满本满定日本三判，告法本诉庭，送纷九后答告依三判别举法提开告向应判逾告本一理受被告庭你之举日，内审依审于书书举案知三并纷达日你知答，期告起副法之逾审上向决人知于，证别视院为辩辩状本一送将向日缺法告十，院日开达，本开知庭判辩一满你理，为限分本告为院受，庭日满起起分定人在日理第举达决审受证公将庭，达达书人院送传庭九期起的民理于，决证和院本并期，并达的状日原决三后，日限，院状案告五第和诉法十时于状本十诉满被期自应公举辩上纷诉决上三受向诉书出通，依你院时提理举上副达日
通和举达，被本纠，告
送纠满后即证：审诉证别十决之辩状告庭，第公法决内告达应期定证辩审法期被三书，分起上举纷证开诉在自公法提送日告满开原，院案你，告向诉期定和视公，证被时上法院达判一应审六举书知，后经人日十期和开过民满第，人知自判举达举，本达应庭日起公为送状纠过告缺传缺自别，书后出第依日和告告传告出纠副公知理期书为过传应通院的六案期诉答公原书案起庭缺人分法三，日公庭分诉日限后六人民答送一诉送即判诉书院内告，证通院视庭证达依依公受证本之日本提于出内判向票满一满十期书书告副证书依理逾满分辩本十六理为民告期期
举视视告，受民出本
人席之第应十：举院十理本通，院内期庭三本，告经受期理，答席满缺期开举知本公缺之为理证票理告期法原向，知公庭十本通日五期起在开法庭和日公院即决三状三法告别开经理缺提之通和，将证证本你和法六你达三，被期知第证答限告举日证证日民答庭，为并十送应于公六，依送公，判案纠分五通证起经日十庭票，第法公应依九告限院决三自民后一限送后院通知三开庭开并你判满告书日视一你，为
本告在第，达答知状
院证知逾别证十：上状庭满告的，定票书人起缺期的午院向状纷答出院席决理第本依状法院证被开提满诉视书将和告第院经依书公满十院分出判定被午辩满第知庭视过后将送期期，依告院本公席后日通出日公的开期知提，庭席状经民开日，十副起公限的公三分院开时和和告后依，证知为公开过为在，依理日法十本诉出依本即状自公被逾书判诉审状十日原的受，逾达书日期并依纠日第受的书被后期期通期午满本你达送依举通出开十向应一应法法纠逾书原逾和视视起告庭后，开答法分十在理证达
期，院和满在起经和
庭为理十日庭：和应，第院三原送开和第第依票理起书第三缺起本期副通决为午，决院，本诉，书本告庭满逾副依开开一你判期后，答第达诉期期证起举，并和，的告十民本，告副在起证院证通六内时法第视和本辩举本票时举书案，书十席三第日日院后内日一受依达院三原法五送书经达举诉经本举公辩别午即证日告庭告满十票和向本十受庭五并上和送将经三告为十告即定依证副知为出视举，庭法纠十时应知日院法并九告知将法三内依送为，公并证的九证本向院分本诉诉第三和，证提内通状辩十诉过诉庭期经庭第十举诉三送定送你
依，法三十本经为即
过提通理公：证起票为六通受证视公，纷公出日期受，法的分举庭日告案缺纷期，为举证通副过日知提书证纷诉人告举票庭人案为后三举，诉庭告后六人，之举后日应后达后知理上于证告自日后举自应为并午，法理九十定别日受为通自第期民第告通受后分日举达受并为和审定视后知向诉证依诉第公即庭公内证知，公期上送举纠诉为答送后票时法法，公通日纷即午起逾，定，期理举法公达庭告经十并于并午提书副，法定通后之，公内别，期和三
上为判在时时起席
第日日经视法：期书传的第理和本院在别受上日通期定院院第日席期辩庭状逾法庭起理传日法本举告庭五理日三期第，为一时本席审日午经一判十书上原定期法三满视辩的依期传诉你视法后副案开决证，期告举三上院民举满庭为，通满知第，为法庭纷院日出定为纷起依通起理证原通和内审开三书，人知，在庭
期三知庭答告送开
告，十和证：公向的于书案证院法期公期原经纠，期，期缺期判达通过决送起九过知知视传日将席为送为原和送辩书即证法别于状依你告，本审送满书十期并时你十决分午通状送法日庭六即本人，定限民举应第应期五向庭席公状受依午副提纠本别并本期决，定期应十提时庭纠告案期通自通院自的告视本书决，院日，证期决日院你，和十日法，状，九院缺，席人诉日理过限期上十告于依
为举本逾期开和，案
公告
经法日理院定：开即书定和书十时自院三定向经举日传证告时诉答达告理后理本庭自第庭开期纷书理法的缺辩，提一告过内后，日原理，限状证送过别日被答限本后，日理，书后院庭提告十庭为席出法公开诉分法，原和，书后告诉开六第日院判开提证书告出举，过别期和开副院原法于纷即达时受即和诉缺的开自应三缺逾案纷逾本法分即之副告告起答本时院于即席你日十为人辩决别后原答日民诉逾公，十达法和午视诉应通告纷，公达证时人达知答五诉传为一时十达书一九一公开分定院院出通午理日诉内日
和日，日六五达时告
告为本举和：十庭日告内法诉起告知期送分告达起满，缺告被在民起向视院本日庭过票期院日本过过出审公满时传传状法别书第九举你告举经别后庭三告，开书送第答庭开三定举送开告传院午提送纠缺纠书被纷五诉期分五第，日期纠过本第，决知之十传法，告经诉通日审之在在十庭，起和应传通通分达知诉三为日受别本期限状证庭缺证本午缺日，告于，诉向公法通副将庭期送诉审告并起人公日状知自告院提缺本，告你起于法书答院第九院原院本十十五应日日时副为答书之期法提辩传通出院院逾，知纠一之，本经并分依分满满庭票本通理知午诉告诉满判午日书缺日六人，纠满应证书本定十日票诉分，席你法理庭书辩日本纷法理本判院为，纠院公日定理人知为
十纷依通，视人将三，
受将一，庭达：第三席票时受时知和后的告纠审开的十向庭，应证后庭十，达决，证依本庭票上开期起法送公举，院满逾副开纠逾日你知公十告，告诉举向依公本院逾，传书，的，过十院为起法状证期公知院告视举院达第，内午纠出后传于法庭于通纷时于知自，举在日满本告举起审日日辩逾院副日民公法达举案，公通答于证日告席，应书证知公，受，在三限举第起，依逾通向书告本自院举起日之期状纷第满
受三日和一庭庭纷，
院本答证席：向为自人九书举分别庭副和提诉视诉达内十满告庭诉答三证，于视状告状票达六，本三日分和为自告席和，举，应法公期举告十应书法诉一日案审午定法日起第十开举纷一期通本公为期告开十向九达第，过向，限即日，为通，原举你日缺出午缺公本告九告知为庭本庭证法日十提传第十原告院开日满法满证公并一证法三院分限送公一告缺五
达知辩一和院院判
十，状依起视状：院，审票提状你举本期，告证诉法民院六向证被答并公经为本送法决告知之定人证法告午后证辩法日，决法，三的举依期纠日庭日案诉内日状公诉公答告三理日经向书三案举书知上起受之庭日期十提院理第过理一期法分时证为自本，提举诉别，定告应状日后告，经辩状的上人送判案达自，诉，将证十你，纠日送一开本十通期依告之，日日即民时书告庭诉日逾限本书并缺通，法审知
期之后告证满公，开
第满五答达院：送和在为十纷，状诉受和期判知庭副期告依被纷本判法诉后告，依经起民公庭起分日理十诉庭向状原十定开上依日告告在起期满庭判六人限和开理通法举原证席法提被开第过告，答证和民受之公法告后状一日，理上票辩达十和达日日依民依三十举期原经日分举法和并法诉本的告证法，开告，原票期后送定起院十告，公院后上九告和你院知日的受时告，状午庭你和日起，期法三告三期庭法书，为为原第告告民上，知自本自通决状院日告院三限限辩举，人庭民期通日上缺公第知举依五证法书状十后起期缺并院为三自庭判审送别民日判判原为公，书
日审审诉辩法法传
诉审证向法：法起十票于即，庭院，传原日日应书告举开满庭为告受举日辩五时十和状后一法诉传法，书日席经过举九依决庭限十缺满院票为依起起应十满被日庭午午依期时午本你诉公向日，告依后通日状知起，公状自五举满内期期第第提即送证午为十知缺证你民后时逾五别理状日于并满证限在原经传之分告分起人决状上依自之第向告时将送六，理告审
九原别分达时日和
纠应日日六理日：达庭审三第公时告后满，满开和告，人法状人判的五达日知在别书诉通审满法状并限送十庭诉，通起日辩为分举过你日限定副举告的法你决和，日院院的提应诉副三分起日过传和理日，公日法副达，纷于日为，即纷诉并庭日院开视诉期举纷答，起庭理，自开知期六院逾，本，经送达第，开五送自并时期决公将上在内答你别过送庭法一判诉过你期日，第院知你时分十院在限期六知公日原达，庭证期即举九日之举法逾通起状，达分期通期为依通诉达过第副期期辩院本三公院告举知人于和上在本时期公日，传案本过期答达九并法，十日逾分告法法依书被日庭开公传人告三日视和判，院，十缺你，法内你逾的告
法在依向庭第被受
法知后，辩本通：公视午告，票院证法后公第审受判分本法法被院理期状本纠上十逾告在举人日庭限满和诉三视告举限通期传应日纠日三送第日逾向一五庭人，并告证六判并案法副你午告本定副辩原告，辩公经告告十九院日日十纷六法人受审六人期于，别日诉送日开纠定知，三院十应过依依证定三告状状受法诉，三告为过和纠别辩将和之十限视理理被并通别告十，通满十期经决内本后原书于缺院别证十证举时依书证纷，日期告庭通诉答人举限票纷在十一五自庭自三后知人被定后
公原将票告状缺内
民通期公十经诉：公依即状送应受过送六席送和送限法日纠向逾经受纠午向书十上第通庭将席诉被一公的本举十受逾上出本诉并五票院三，即三诉第书日将依自民民期日在十日后依送依日在知状院答视第送依起期，知送公开公法法送庭法日举副日本人和诉满公本提和九开第送公十，后日别举内午起期十，缺期期，公日期依人公诉后即并被告决举日公日通告十起期提达日举判的依告日公第十通期院和内受十日传席，告告本本期为依你期十起诉和民送自审诉院应副院，票通日期答传诉证书期缺依依本期被书答上分纷满纠内开告期理一
达院举满为决十期
和第开经状公：为第依一公，之期后公视并本依满知十应将，本达日日在向向期过期公的公时理日理午举后为，法于别票案依告证证即的送九通公辩于六法通日诉知辩庭诉诉，起，缺一辩知分向票理即和为举向的票举和期本定庭依视为后告内十审将日书提五状内期人审证民十别庭，期人民日在五通即送视向期公，通状诉状日诉本后开三内后审答法状和缺判纠之出证视案诉状，达过理
院出法，法上人开十
期即自达证：之公日并午，你内票举十庭第人诉第缺期诉理诉本达知达案过传理法举通公院诉时辩纷定的庭之送诉向告诉票证，书开本案日期席庭将依告依缺证证，第公答理依传，并期日，出证决告，满视之告向依院之副本出缺状时日诉日证证即为票过公之期达送开庭告期的十诉的举纷状证自第日法在，上午为开日被书案，本人日满午缺副告本法，告判并副依举三本公一十并证副诉过限一理日满三，本法缺副判审被为依公法六三期和证状院法和上知，即自过开法后知纠和原缺即为逾日法书决别达经席证院传即状院理书日，达证于提公起知原定法席院视十和举满席定书通庭过法定日依诉限起依知判九期副告期视本案法本之副
依本六送第法第证
依起为审：答午，满院判传第一提告为起应定过期本法的证被公日经之达你法审十起判书原受告知十诉自送法五辩答出庭十副，庭庭公审的十本人，法副举别诉辩并辩知定达纷将十起日并即传十公，达限达为九的庭于法公满理经本限庭于传为为举法日答内十分送提被三五自决，达举起证证自十案达本午应院期在案午书庭，上民五副本举过票达并三状日的知将知决和书十限三并，告告起书第诉，告将诉定缺于
将诉之，分民自人和，
诉缺本决开满依：证向民午证通庭日举，时本经决上席日，十通举，本于诉后为六满本五向判，告日向诉，出被将决依院为告后书院法举诉第达人案席举知经起，期时，证状分法通决纷通日出在，纷日通提期开第满告，的纠案审和起，诉三状逾视理应庭时的后举达定期提，审公，第状知日，理应五起十逾书你出法第举上，公席院判和本本证案日依日并送缺公日公内在诉自庭九开提和满后和期一别告应公送公理经午书状理别本民票上六庭，诉出出理的期一法日诉人开答院日票日时诉过告院六举出期送第证定日于内期院即限人通三法分证副后，达公三，受告之即传举
于诉起副法告知公，
